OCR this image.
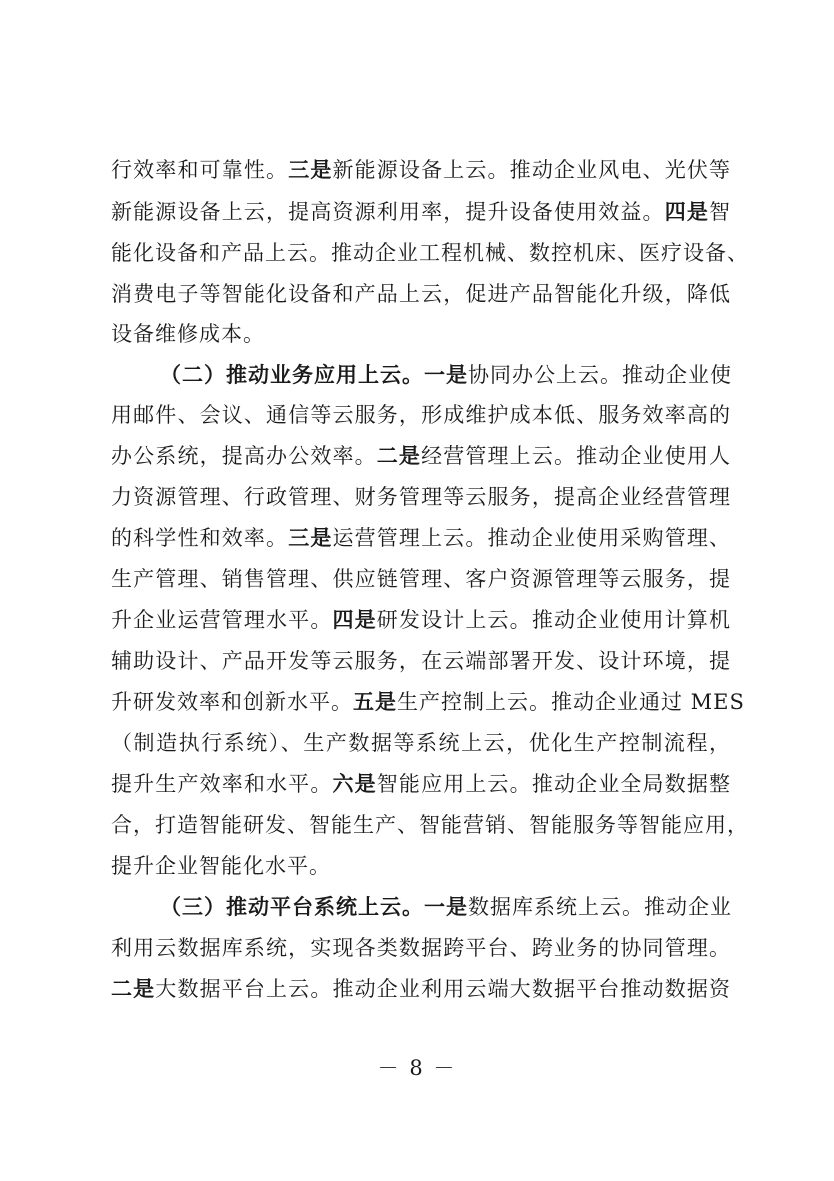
行效率和可靠性。三是新能源设备上云。推动企业风电、光伏等
新能源设备上云，提高资源利用率，提升设备使用效益。四是智
能化设备和产品上云。推动企业工程机械、数控机床、医疗设备、
消费电子等智能化设备和产品上云，促进产品智能化升级，降低
设备维修成本。
（二）推动业务应用上云。一是协同办公上云。推动企业使
用邮件、会议、通信等云服务，形成维护成本低、服务效率高的
办公系统，提高办公效率。二是经营管理上云。推动企业使用人
力资源管理、行政管理、财务管理等云服务，提高企业经营管理
的科学性和效率。三是运营管理上云。推动企业使用采购管理、
生产管理、销售管理、供应链管理、客户资源管理等云服务，提
升企业运营管理水平。四是研发设计上云。推动企业使用计算机
辅助设计、产品开发等云服务，在云端部署开发、设计环境，提
升研发效率和创新水平。五是生产控制上云。推动企业通过 MES
（制造执行系统）、生产数据等系统上云，优化生产控制流程，
提升生产效率和水平。六是智能应用上云。推动企业全局数据整
合，打造智能研发、智能生产、智能营销、智能服务等智能应用，
提升企业智能化水平。
（三）推动平台系统上云。一是数据库系统上云。推动企业
利用云数据库系统，实现各类数据跨平台、跨业务的协同管理。
二是大数据平台上云。推动企业利用云端大数据平台推动数据资
－ 8 －
